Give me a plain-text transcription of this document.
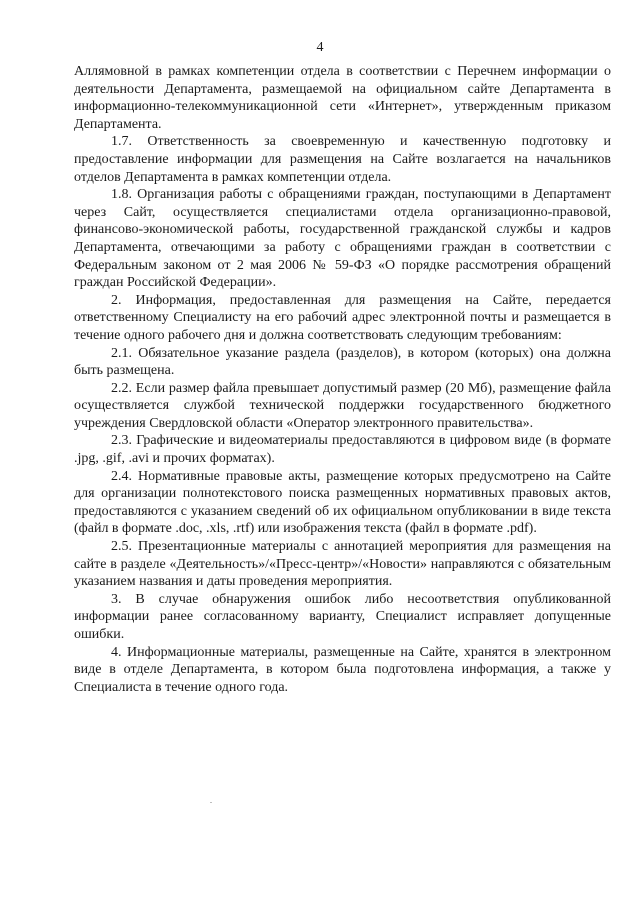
4

Аллямовной в рамках компетенции отдела в соответствии с Перечнем информации о деятельности Департамента, размещаемой на официальном сайте Департамента в информационно-телекоммуникационной сети «Интернет», утвержденным приказом Департамента.

1.7. Ответственность за своевременную и качественную подготовку и предоставление информации для размещения на Сайте возлагается на начальников отделов Департамента в рамках компетенции отдела.

1.8. Организация работы с обращениями граждан, поступающими в Департамент через Сайт, осуществляется специалистами отдела организационно-правовой, финансово-экономической работы, государственной гражданской службы и кадров Департамента, отвечающими за работу с обращениями граждан в соответствии с Федеральным законом от 2 мая 2006 № 59-ФЗ «О порядке рассмотрения обращений граждан Российской Федерации».

2. Информация, предоставленная для размещения на Сайте, передается ответственному Специалисту на его рабочий адрес электронной почты и размещается в течение одного рабочего дня и должна соответствовать следующим требованиям:

2.1. Обязательное указание раздела (разделов), в котором (которых) она должна быть размещена.

2.2. Если размер файла превышает допустимый размер (20 Мб), размещение файла осуществляется службой технической поддержки государственного бюджетного учреждения Свердловской области «Оператор электронного правительства».

2.3. Графические и видеоматериалы предоставляются в цифровом виде (в формате .jpg, .gif, .avi и прочих форматах).

2.4. Нормативные правовые акты, размещение которых предусмотрено на Сайте для организации полнотекстового поиска размещенных нормативных правовых актов, предоставляются с указанием сведений об их официальном опубликовании в виде текста (файл в формате .doc, .xls, .rtf) или изображения текста (файл в формате .pdf).

2.5. Презентационные материалы с аннотацией мероприятия для размещения на сайте в разделе «Деятельность»/«Пресс-центр»/«Новости» направляются с обязательным указанием названия и даты проведения мероприятия.

3. В случае обнаружения ошибок либо несоответствия опубликованной информации ранее согласованному варианту, Специалист исправляет допущенные ошибки.

4. Информационные материалы, размещенные на Сайте, хранятся в электронном виде в отделе Департамента, в котором была подготовлена информация, а также у Специалиста в течение одного года.

.
